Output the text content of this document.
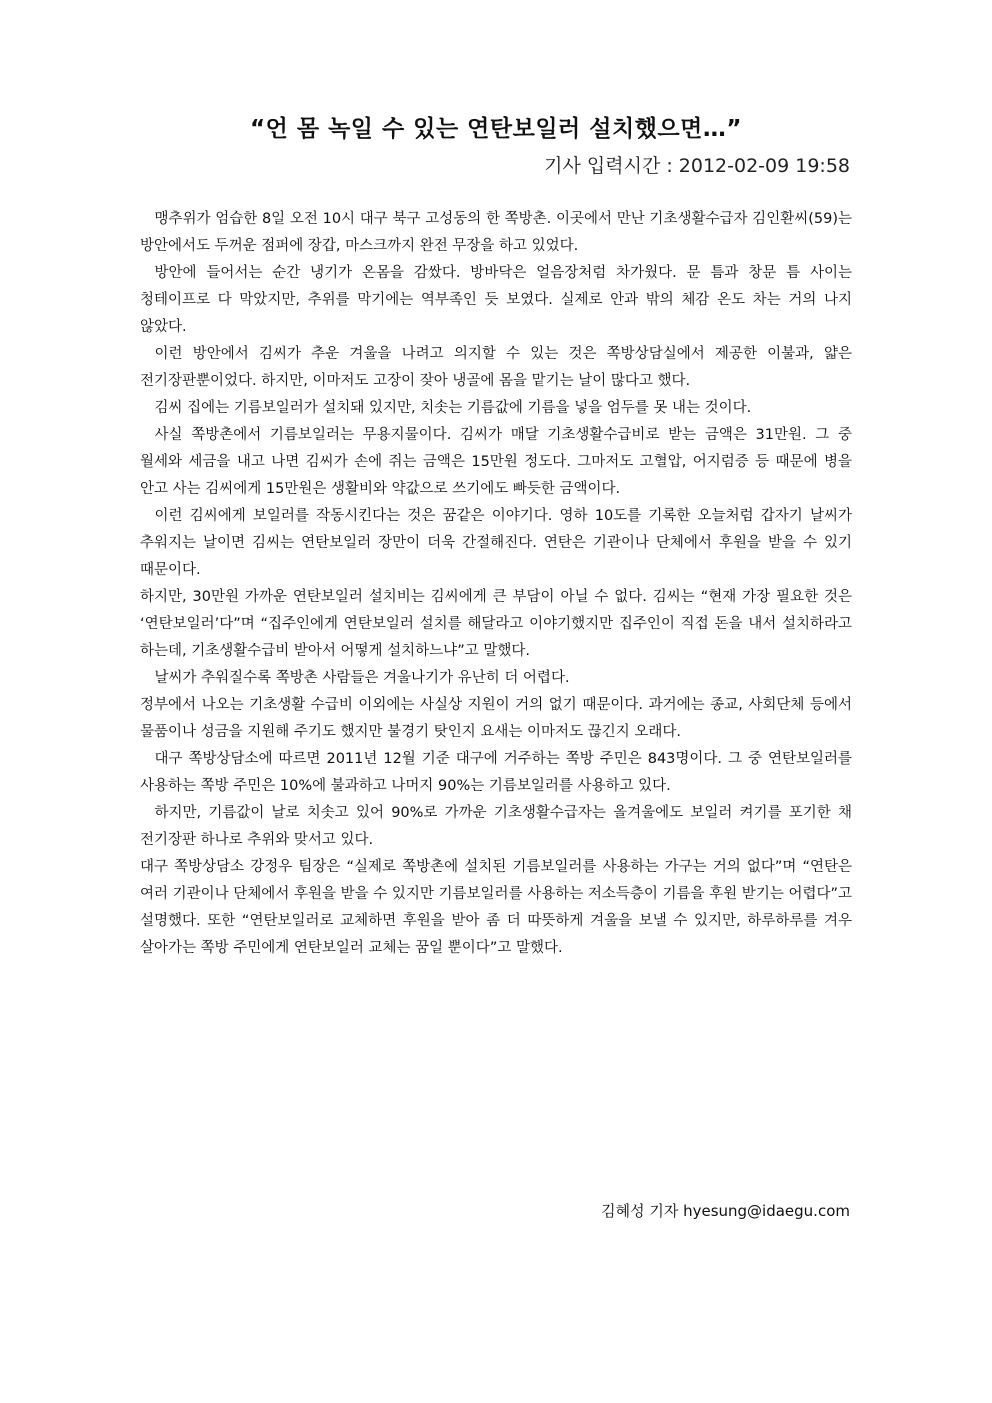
“언 몸 녹일 수 있는 연탄보일러 설치했으면…”
기사 입력시간 : 2012-02-09 19:58

맹추위가 엄습한 8일 오전 10시 대구 북구 고성동의 한 쪽방촌. 이곳에서 만난 기초생활수급자 김인환씨(59)는 방안에서도 두꺼운 점퍼에 장갑, 마스크까지 완전 무장을 하고 있었다.

방안에 들어서는 순간 냉기가 온몸을 감쌌다. 방바닥은 얼음장처럼 차가웠다. 문 틈과 창문 틈 사이는 청테이프로 다 막았지만, 추위를 막기에는 역부족인 듯 보였다. 실제로 안과 밖의 체감 온도 차는 거의 나지 않았다.

이런 방안에서 김씨가 추운 겨울을 나려고 의지할 수 있는 것은 쪽방상담실에서 제공한 이불과, 얇은 전기장판뿐이었다. 하지만, 이마저도 고장이 잦아 냉골에 몸을 맡기는 날이 많다고 했다.

김씨 집에는 기름보일러가 설치돼 있지만, 치솟는 기름값에 기름을 넣을 엄두를 못 내는 것이다.

사실 쪽방촌에서 기름보일러는 무용지물이다. 김씨가 매달 기초생활수급비로 받는 금액은 31만원. 그 중 월세와 세금을 내고 나면 김씨가 손에 쥐는 금액은 15만원 정도다. 그마저도 고혈압, 어지럼증 등 때문에 병을 안고 사는 김씨에게 15만원은 생활비와 약값으로 쓰기에도 빠듯한 금액이다.

이런 김씨에게 보일러를 작동시킨다는 것은 꿈같은 이야기다. 영하 10도를 기록한 오늘처럼 갑자기 날씨가 추워지는 날이면 김씨는 연탄보일러 장만이 더욱 간절해진다. 연탄은 기관이나 단체에서 후원을 받을 수 있기 때문이다.

하지만, 30만원 가까운 연탄보일러 설치비는 김씨에게 큰 부담이 아닐 수 없다. 김씨는 “현재 가장 필요한 것은 ‘연탄보일러’다”며 “집주인에게 연탄보일러 설치를 해달라고 이야기했지만 집주인이 직접 돈을 내서 설치하라고 하는데, 기초생활수급비 받아서 어떻게 설치하느냐”고 말했다.

날씨가 추워질수록 쪽방촌 사람들은 겨울나기가 유난히 더 어렵다.

정부에서 나오는 기초생활 수급비 이외에는 사실상 지원이 거의 없기 때문이다. 과거에는 종교, 사회단체 등에서 물품이나 성금을 지원해 주기도 했지만 불경기 탓인지 요새는 이마저도 끊긴지 오래다.

대구 쪽방상담소에 따르면 2011년 12월 기준 대구에 거주하는 쪽방 주민은 843명이다. 그 중 연탄보일러를 사용하는 쪽방 주민은 10%에 불과하고 나머지 90%는 기름보일러를 사용하고 있다.

하지만, 기름값이 날로 치솟고 있어 90%로 가까운 기초생활수급자는 올겨울에도 보일러 켜기를 포기한 채 전기장판 하나로 추위와 맞서고 있다.

대구 쪽방상담소 강정우 팀장은 “실제로 쪽방촌에 설치된 기름보일러를 사용하는 가구는 거의 없다”며 “연탄은 여러 기관이나 단체에서 후원을 받을 수 있지만 기름보일러를 사용하는 저소득층이 기름을 후원 받기는 어렵다”고 설명했다. 또한 “연탄보일러로 교체하면 후원을 받아 좀 더 따뜻하게 겨울을 보낼 수 있지만, 하루하루를 겨우 살아가는 쪽방 주민에게 연탄보일러 교체는 꿈일 뿐이다”고 말했다.

김혜성 기자 hyesung@idaegu.com
